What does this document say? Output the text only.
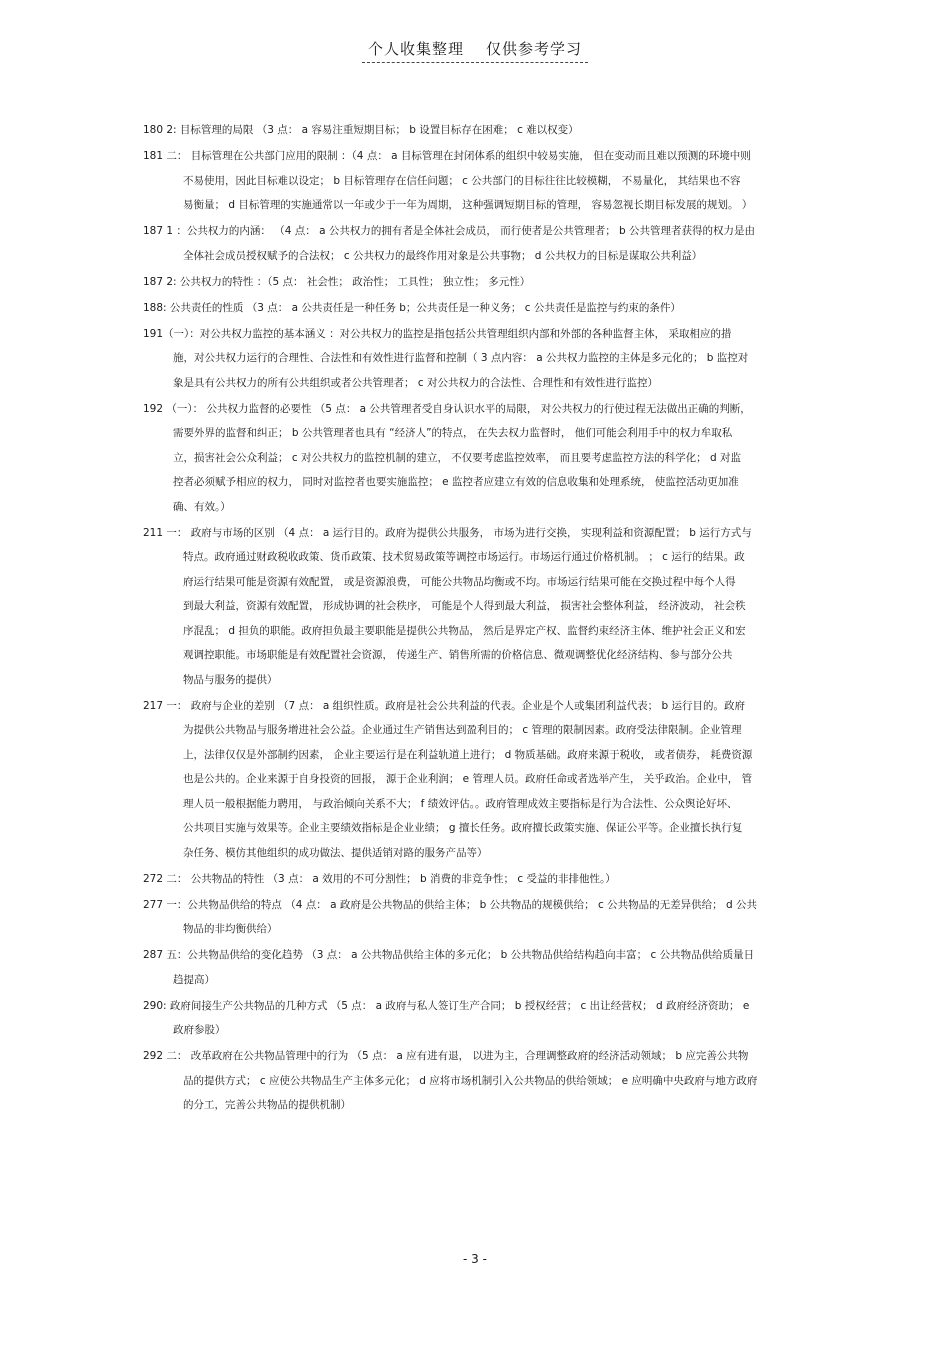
个人收集整理 仅供参考学习
180 2: 目标管理的局限 （3 点： a 容易注重短期目标； b 设置目标存在困难； c 难以权变）
181 二： 目标管理在公共部门应用的限制 ：（4 点： a 目标管理在封闭体系的组织中较易实施， 但在变动而且难以预测的环境中则
不易使用，因此目标难以设定； b 目标管理存在信任问题； c 公共部门的目标往往比较模糊， 不易量化， 其结果也不容
易衡量； d 目标管理的实施通常以一年或少于一年为周期， 这种强调短期目标的管理， 容易忽视长期目标发展的规划。 ）
187 1 ：公共权力的内涵： （4 点： a 公共权力的拥有者是全体社会成员， 而行使者是公共管理者； b 公共管理者获得的权力是由
全体社会成员授权赋予的合法权； c 公共权力的最终作用对象是公共事物； d 公共权力的目标是谋取公共利益）
187 2: 公共权力的特性 ：（5 点： 社会性； 政治性； 工具性； 独立性； 多元性）
188: 公共责任的性质 （3 点： a 公共责任是一种任务 b；公共责任是一种义务； c 公共责任是监控与约束的条件）
191（一）：对公共权力监控的基本涵义 ：对公共权力的监控是指包括公共管理组织内部和外部的各种监督主体， 采取相应的措
施，对公共权力运行的合理性、合法性和有效性进行监督和控制（ 3 点内容： a 公共权力监控的主体是多元化的； b 监控对
象是具有公共权力的所有公共组织或者公共管理者； c 对公共权力的合法性、合理性和有效性进行监控）
192 （一）： 公共权力监督的必要性 （5 点： a 公共管理者受自身认识水平的局限， 对公共权力的行使过程无法做出正确的判断，
需要外界的监督和纠正； b 公共管理者也具有 “经济人”的特点， 在失去权力监督时， 他们可能会利用手中的权力牟取私
立，损害社会公众利益； c 对公共权力的监控机制的建立， 不仅要考虑监控效率， 而且要考虑监控方法的科学化； d 对监
控者必须赋予相应的权力， 同时对监控者也要实施监控； e 监控者应建立有效的信息收集和处理系统， 使监控活动更加准
确、有效。）
211 一： 政府与市场的区别 （4 点： a 运行目的。政府为提供公共服务， 市场为进行交换， 实现利益和资源配置； b 运行方式与
特点。政府通过财政税收政策、货币政策、技术贸易政策等调控市场运行。市场运行通过价格机制。 ； c 运行的结果。政
府运行结果可能是资源有效配置， 或是资源浪费， 可能公共物品均衡或不均。市场运行结果可能在交换过程中每个人得
到最大利益，资源有效配置， 形成协调的社会秩序， 可能是个人得到最大利益， 损害社会整体利益， 经济波动， 社会秩
序混乱； d 担负的职能。政府担负最主要职能是提供公共物品， 然后是界定产权、监督约束经济主体、维护社会正义和宏
观调控职能。市场职能是有效配置社会资源， 传递生产、销售所需的价格信息、微观调整优化经济结构、参与部分公共
物品与服务的提供）
217 一： 政府与企业的差别 （7 点： a 组织性质。政府是社会公共利益的代表。企业是个人或集团利益代表； b 运行目的。政府
为提供公共物品与服务增进社会公益。企业通过生产销售达到盈利目的； c 管理的限制因素。政府受法律限制。企业管理
上，法律仅仅是外部制约因素， 企业主要运行是在利益轨道上进行； d 物质基础。政府来源于税收， 或者债券， 耗费资源
也是公共的。企业来源于自身投资的回报， 源于企业利润； e 管理人员。政府任命或者选举产生， 关乎政治。企业中， 管
理人员一般根据能力聘用， 与政治倾向关系不大； f 绩效评估。。政府管理成效主要指标是行为合法性、公众舆论好坏、
公共项目实施与效果等。企业主要绩效指标是企业业绩； g 擅长任务。政府擅长政策实施、保证公平等。企业擅长执行复
杂任务、模仿其他组织的成功做法、提供适销对路的服务产品等）
272 二： 公共物品的特性 （3 点： a 效用的不可分割性； b 消费的非竞争性； c 受益的非排他性。）
277 一：公共物品供给的特点 （4 点： a 政府是公共物品的供给主体； b 公共物品的规模供给； c 公共物品的无差异供给； d 公共
物品的非均衡供给）
287 五：公共物品供给的变化趋势 （3 点： a 公共物品供给主体的多元化； b 公共物品供给结构趋向丰富； c 公共物品供给质量日
趋提高）
290: 政府间接生产公共物品的几种方式 （5 点： a 政府与私人签订生产合同； b 授权经营； c 出让经营权； d 政府经济资助； e
政府参股）
292 二： 改革政府在公共物品管理中的行为 （5 点： a 应有进有退， 以进为主，合理调整政府的经济活动领域； b 应完善公共物
品的提供方式； c 应使公共物品生产主体多元化； d 应将市场机制引入公共物品的供给领域； e 应明确中央政府与地方政府
的分工，完善公共物品的提供机制）
- 3 -
